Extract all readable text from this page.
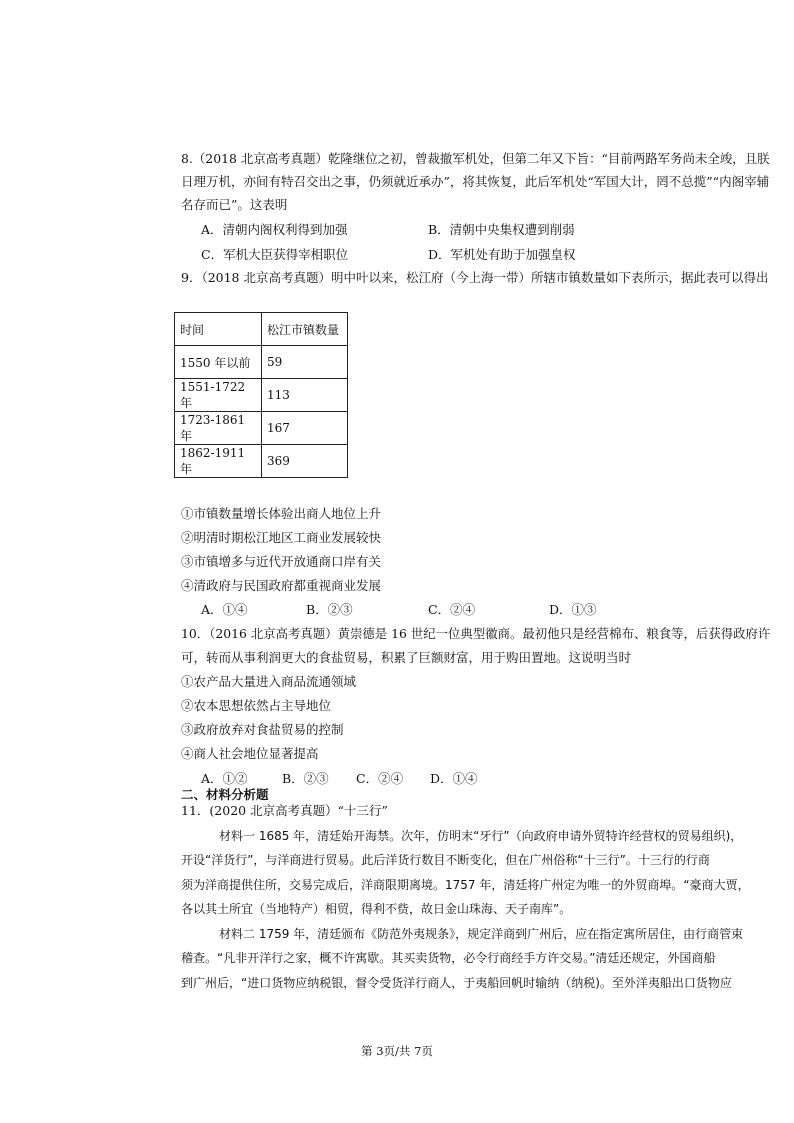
8.（2018 北京高考真题）乾隆继位之初，曾裁撤军机处，但第二年又下旨：“目前两路军务尚未全竣，且朕
日理万机，亦间有特召交出之事，仍须就近承办”，将其恢复，此后军机处“军国大计，罔不总揽”“内阁宰辅
名存而已”。这表明
A．清朝内阁权利得到加强	B．清朝中央集权遭到削弱
C．军机大臣获得宰相职位	D．军机处有助于加强皇权
9．（2018 北京高考真题）明中叶以来，松江府（今上海一带）所辖市镇数量如下表所示，据此表可以得出
时间	松江市镇数量
1550 年以前	59
1551-1722 年	113
1723-1861 年	167
1862-1911 年	369
①市镇数量增长体验出商人地位上升
②明清时期松江地区工商业发展较快
③市镇增多与近代开放通商口岸有关
④清政府与民国政府都重视商业发展
A．①④	B．②③	C．②④	D．①③
10．（2016 北京高考真题）黄崇德是 16 世纪一位典型徽商。最初他只是经营棉布、粮食等，后获得政府许
可，转而从事利润更大的食盐贸易，积累了巨额财富，用于购田置地。这说明当时
①农产品大量进入商品流通领域
②农本思想依然占主导地位
③政府放弃对食盐贸易的控制
④商人社会地位显著提高
A．①②	B．②③ C．②④ D．①④
二、材料分析题
11．(2020 北京高考真题）“十三行”
材料一 1685 年，清廷始开海禁。次年，仿明末“牙行”（向政府申请外贸特许经营权的贸易组织)，
开设“洋货行”，与洋商进行贸易。此后洋货行数目不断变化，但在广州俗称“十三行”。十三行的行商
须为洋商提供住所，交易完成后，洋商限期离境。1757 年，清廷将广州定为唯一的外贸商埠。“豪商大贾，
各以其土所宜（当地特产）相贸，得利不赀，故日金山珠海、天子南库”。
材料二 1759 年，清廷颁布《防范外夷规条》，规定洋商到广州后，应在指定寓所居住，由行商管束
稽查。“凡非开洋行之家，概不许寓歇。其买卖货物，必令行商经手方许交易。”清廷还规定，外国商船
到广州后，“进口货物应纳税银，督令受货洋行商人，于夷船回帆时输纳（纳税)。至外洋夷船出口货物应
第 3页/共 7页
